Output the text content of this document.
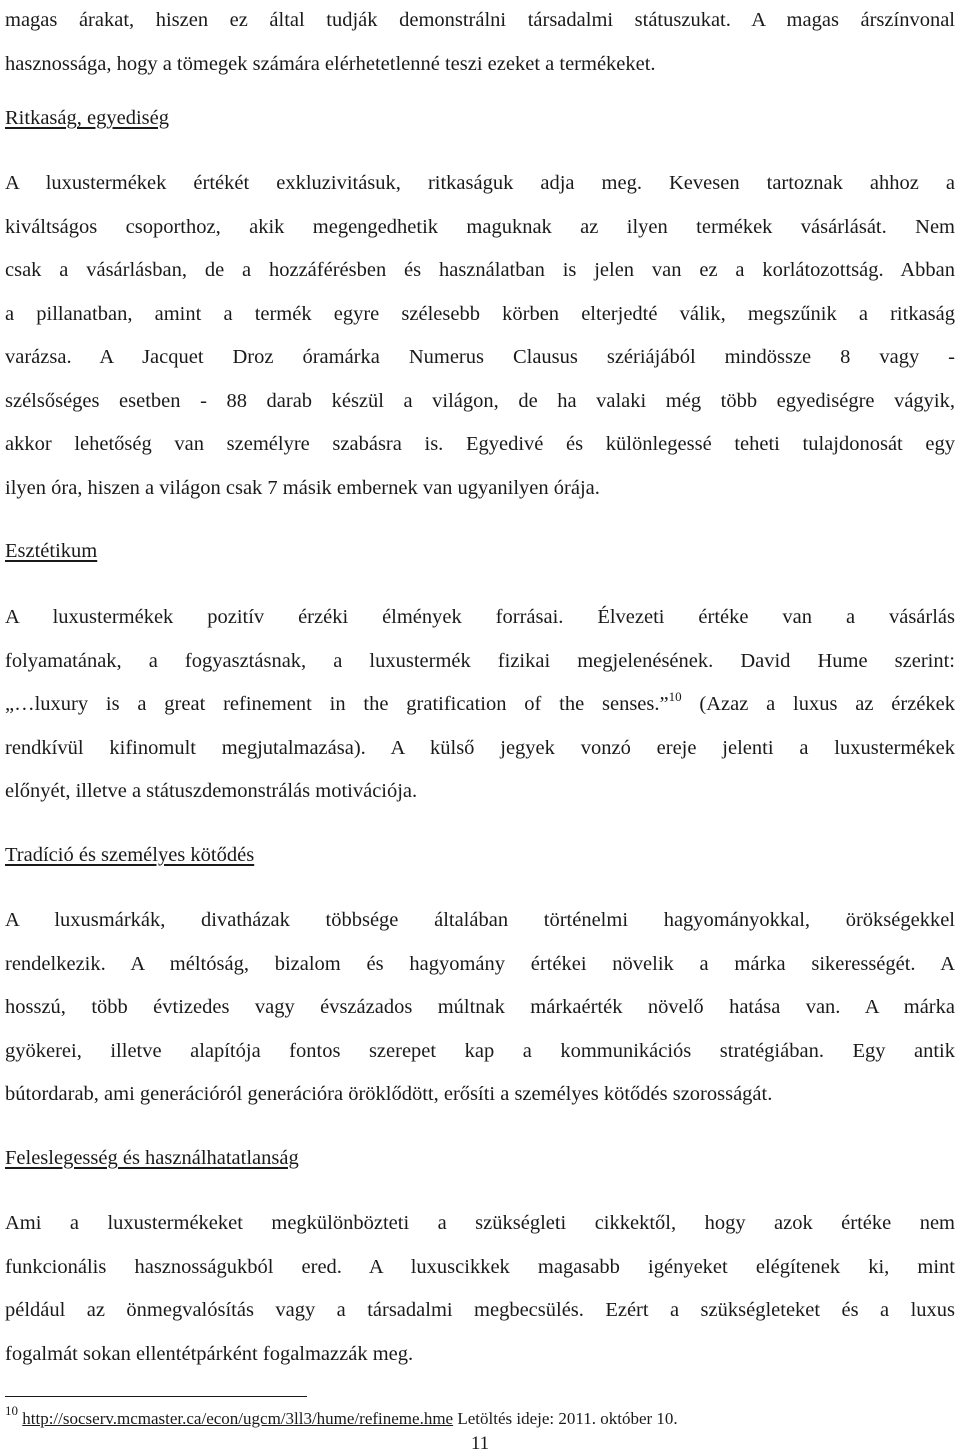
magas árakat, hiszen ez által tudják demonstrálni társadalmi státuszukat. A magas árszínvonal
hasznossága, hogy a tömegek számára elérhetetlenné teszi ezeket a termékeket.
Ritkaság, egyediség
A luxustermékek értékét exkluzivitásuk, ritkaságuk adja meg. Kevesen tartoznak ahhoz a
kiváltságos csoporthoz, akik megengedhetik maguknak az ilyen termékek vásárlását. Nem
csak a vásárlásban, de a hozzáférésben és használatban is jelen van ez a korlátozottság. Abban
a pillanatban, amint a termék egyre szélesebb körben elterjedté válik, megszűnik a ritkaság
varázsa. A Jacquet Droz óramárka Numerus Clausus szériájából mindössze 8 vagy -
szélsőséges esetben - 88 darab készül a világon, de ha valaki még több egyediségre vágyik,
akkor lehetőség van személyre szabásra is. Egyedivé és különlegessé teheti tulajdonosát egy
ilyen óra, hiszen a világon csak 7 másik embernek van ugyanilyen órája.
Esztétikum
A luxustermékek pozitív érzéki élmények forrásai. Élvezeti értéke van a vásárlás
folyamatának, a fogyasztásnak, a luxustermék fizikai megjelenésének. David Hume szerint:
„…luxury is a great refinement in the gratification of the senses.”$^{10}$ (Azaz a luxus az érzékek
rendkívül kifinomult megjutalmazása). A külső jegyek vonzó ereje jelenti a luxustermékek
előnyét, illetve a státuszdemonstrálás motivációja.
Tradíció és személyes kötődés
A luxusmárkák, divatházak többsége általában történelmi hagyományokkal, örökségekkel
rendelkezik. A méltóság, bizalom és hagyomány értékei növelik a márka sikerességét. A
hosszú, több évtizedes vagy évszázados múltnak márkaérték növelő hatása van. A márka
gyökerei, illetve alapítója fontos szerepet kap a kommunikációs stratégiában. Egy antik
bútordarab, ami generációról generációra öröklődött, erősíti a személyes kötődés szorosságát.
Feleslegesség és használhatatlanság
Ami a luxustermékeket megkülönbözteti a szükségleti cikkektől, hogy azok értéke nem
funkcionális hasznosságukból ered. A luxuscikkek magasabb igényeket elégítenek ki, mint
például az önmegvalósítás vagy a társadalmi megbecsülés. Ezért a szükségleteket és a luxus
fogalmát sokan ellentétpárként fogalmazzák meg.
$^{10}$ http://socserv.mcmaster.ca/econ/ugcm/3ll3/hume/refineme.hme Letöltés ideje: 2011. október 10.
11
